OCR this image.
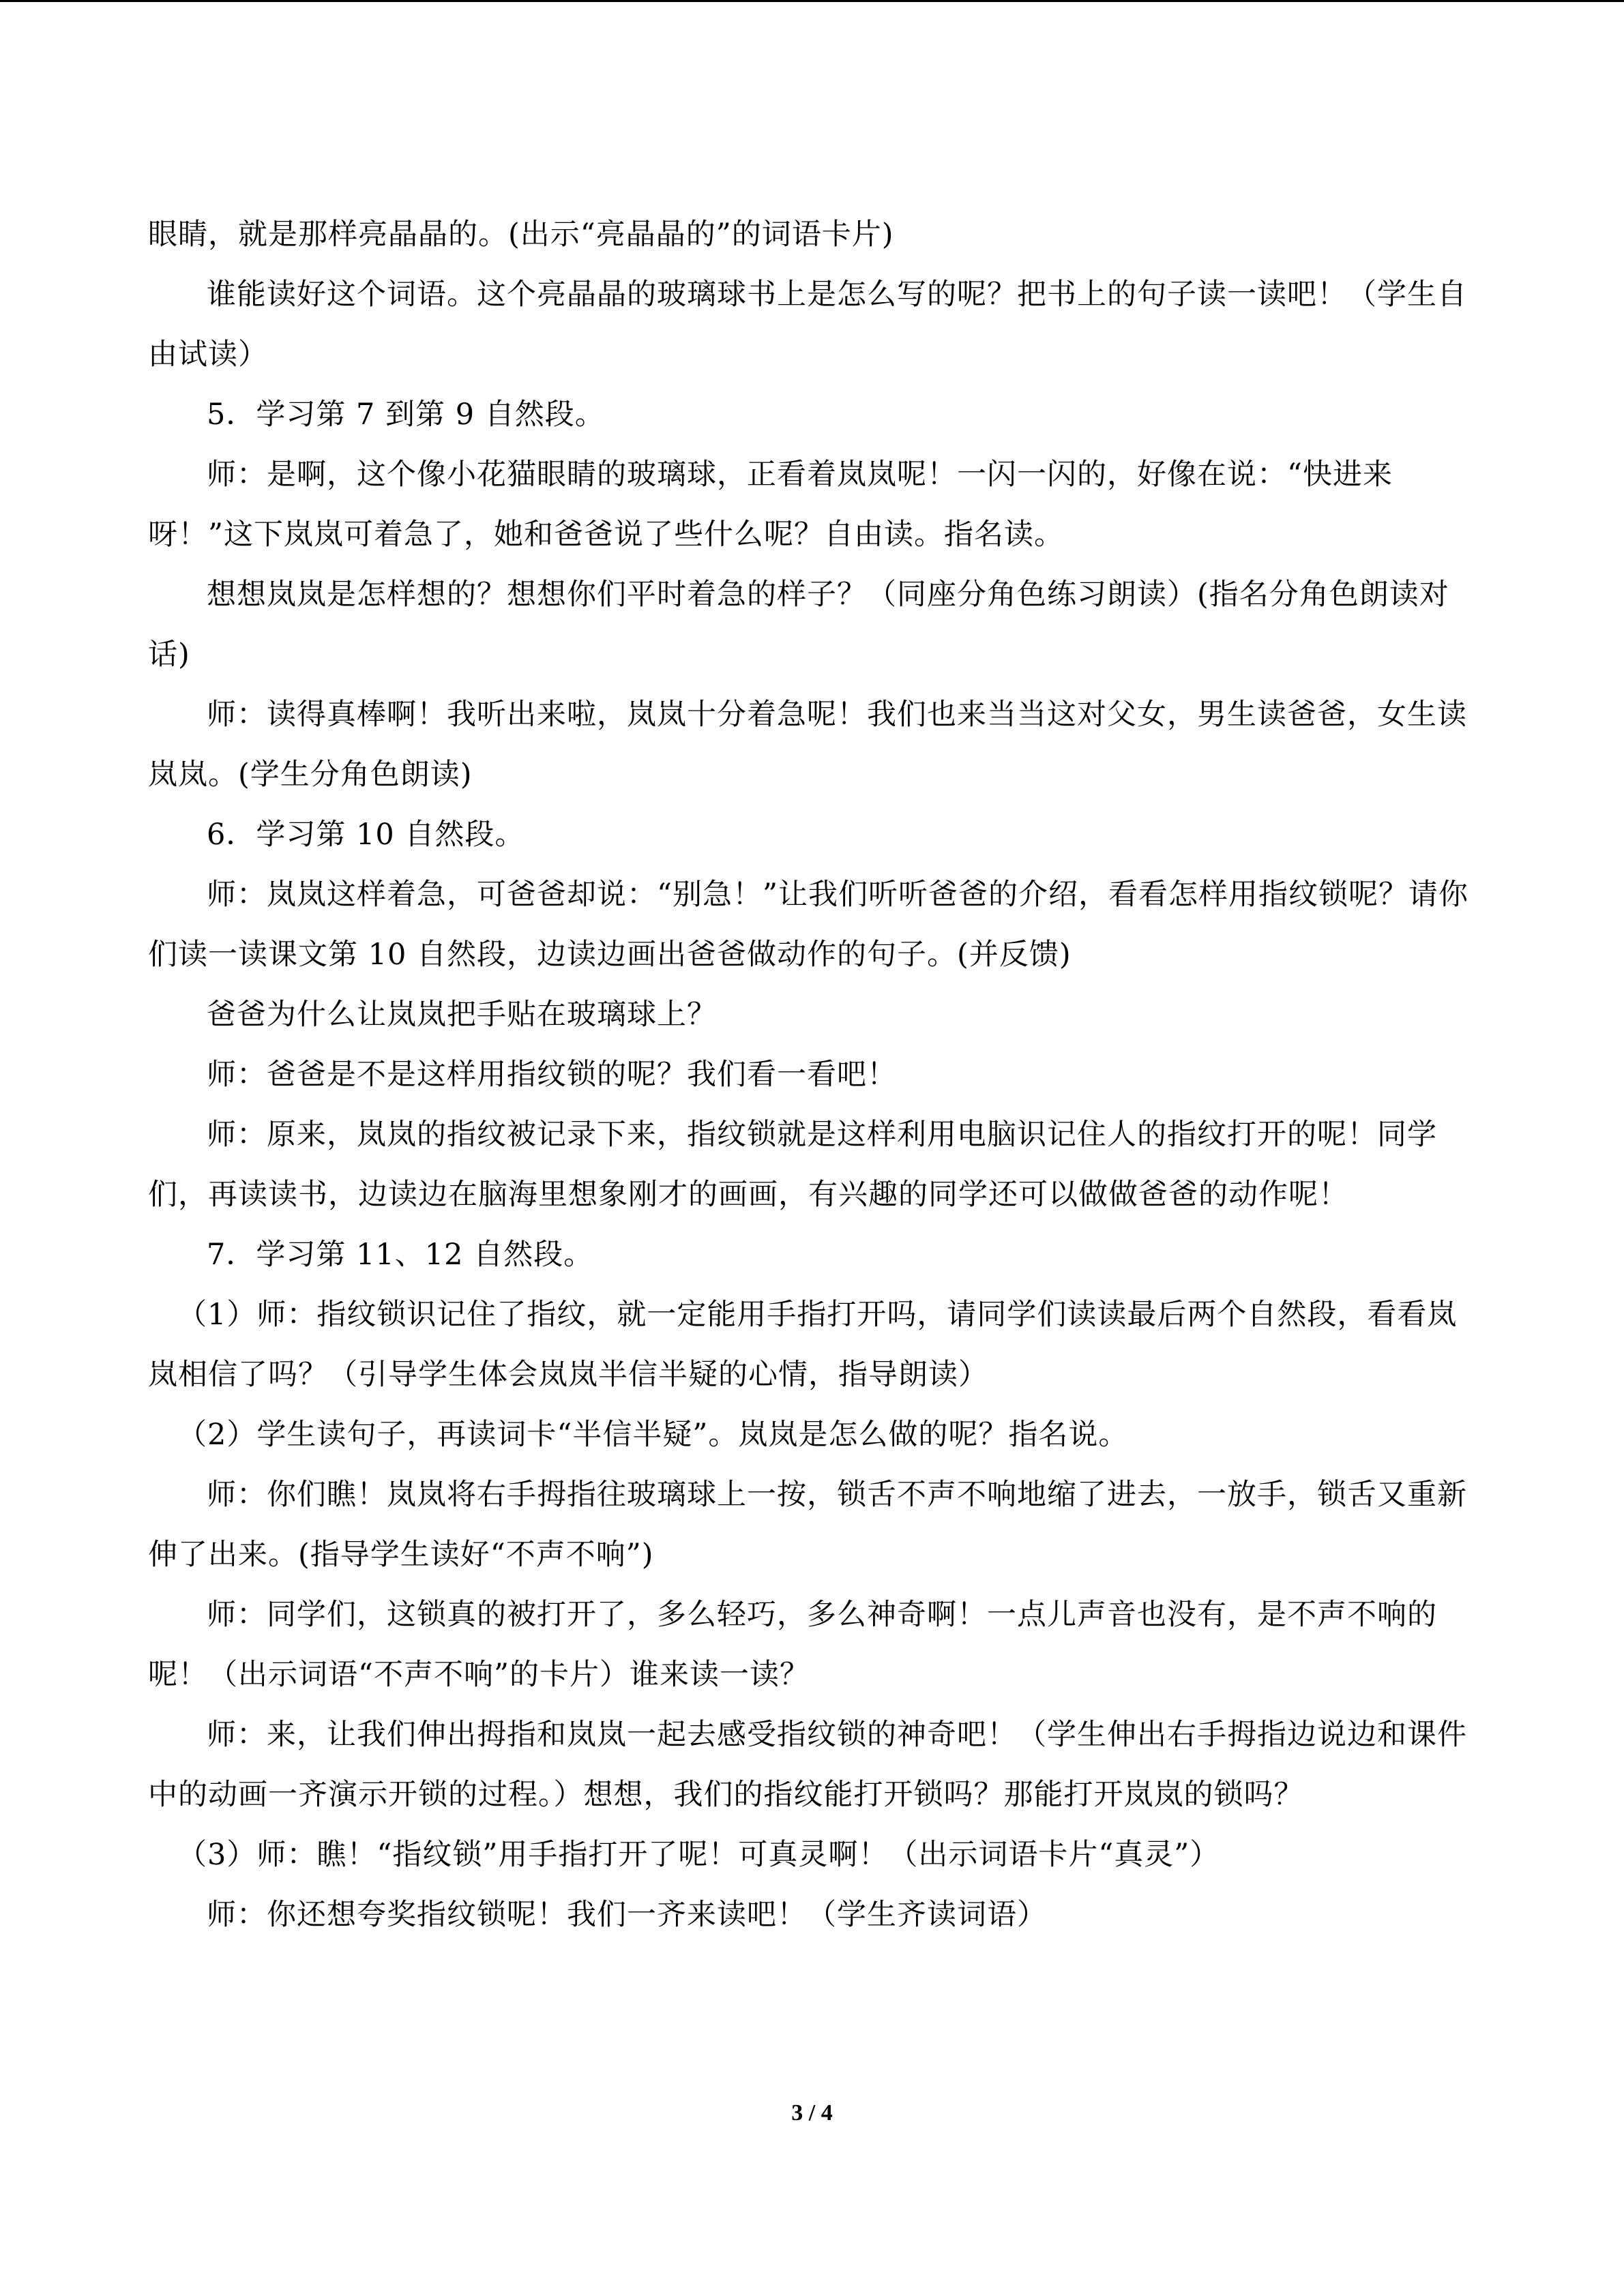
眼睛，就是那样亮晶晶的。(出示“亮晶晶的”的词语卡片)

谁能读好这个词语。这个亮晶晶的玻璃球书上是怎么写的呢？把书上的句子读一读吧！（学生自由试读）

5．学习第 7 到第 9 自然段。

师：是啊，这个像小花猫眼睛的玻璃球，正看着岚岚呢！一闪一闪的，好像在说：“快进来呀！”这下岚岚可着急了，她和爸爸说了些什么呢？自由读。指名读。

想想岚岚是怎样想的？想想你们平时着急的样子？（同座分角色练习朗读）(指名分角色朗读对话)

师：读得真棒啊！我听出来啦，岚岚十分着急呢！我们也来当当这对父女，男生读爸爸，女生读岚岚。(学生分角色朗读)

6．学习第 10 自然段。

师：岚岚这样着急，可爸爸却说：“别急！”让我们听听爸爸的介绍，看看怎样用指纹锁呢？请你们读一读课文第 10 自然段，边读边画出爸爸做动作的句子。(并反馈)

爸爸为什么让岚岚把手贴在玻璃球上？

师：爸爸是不是这样用指纹锁的呢？我们看一看吧！

师：原来，岚岚的指纹被记录下来，指纹锁就是这样利用电脑识记住人的指纹打开的呢！同学们，再读读书，边读边在脑海里想象刚才的画画，有兴趣的同学还可以做做爸爸的动作呢！

7．学习第 11、12 自然段。

（1）师：指纹锁识记住了指纹，就一定能用手指打开吗，请同学们读读最后两个自然段，看看岚岚相信了吗？（引导学生体会岚岚半信半疑的心情，指导朗读）

（2）学生读句子，再读词卡“半信半疑”。岚岚是怎么做的呢？指名说。

师：你们瞧！岚岚将右手拇指往玻璃球上一按，锁舌不声不响地缩了进去，一放手，锁舌又重新伸了出来。(指导学生读好“不声不响”)

师：同学们，这锁真的被打开了，多么轻巧，多么神奇啊！一点儿声音也没有，是不声不响的呢！（出示词语“不声不响”的卡片）谁来读一读？

师：来，让我们伸出拇指和岚岚一起去感受指纹锁的神奇吧！（学生伸出右手拇指边说边和课件中的动画一齐演示开锁的过程。）想想，我们的指纹能打开锁吗？那能打开岚岚的锁吗？

（3）师：瞧！“指纹锁”用手指打开了呢！可真灵啊！（出示词语卡片“真灵”）

师：你还想夸奖指纹锁呢！我们一齐来读吧！（学生齐读词语）

3 / 4
